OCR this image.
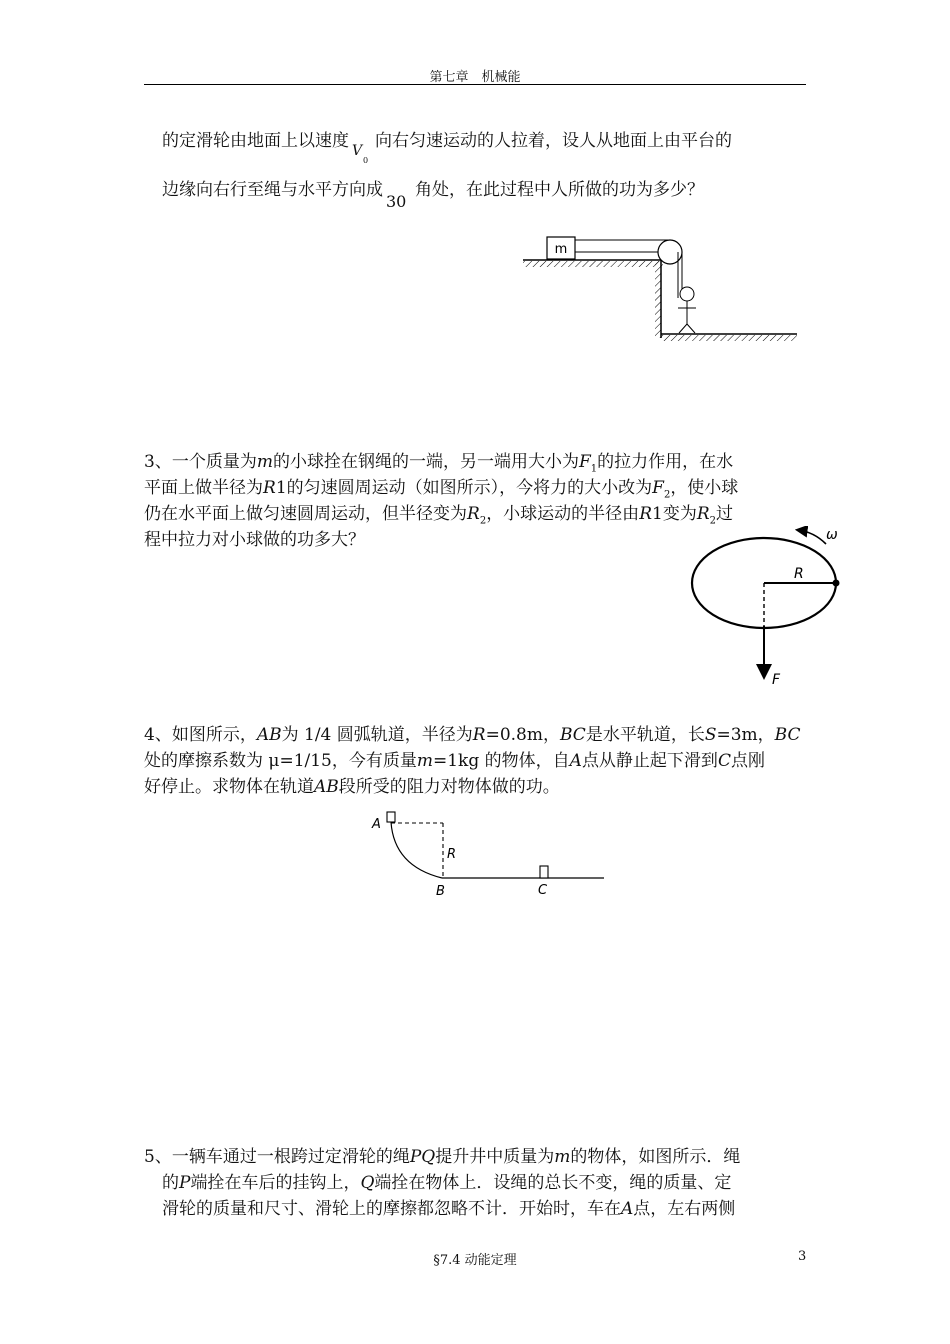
第七章　机械能
的定滑轮由地面上以速度 V
0
向右匀速运动的人拉着，设人从地面上由平台的
边缘向右行至绳与水平方向成
30
角处，在此过程中人所做的功为多少？
m
3、一个质量为m的小球拴在钢绳的一端，另一端用大小为$F_1$的拉力作用，在水
平面上做半径为R1的匀速圆周运动（如图所示），今将力的大小改为$F_2$，使小球
仍在水平面上做匀速圆周运动，但半径变为$R_2$，小球运动的半径由R1变为$R_2$过
程中拉力对小球做的功多大？	ω
R
F
4、如图所示，AB为 1/4 圆弧轨道，半径为R=0.8m，BC是水平轨道，长S=3m，BC
处的摩擦系数为 μ=1/15，今有质量m=1kg 的物体，自A点从静止起下滑到C点刚
好停止。求物体在轨道AB段所受的阻力对物体做的功。
A
R
B	C
5、一辆车通过一根跨过定滑轮的绳PQ提升井中质量为m的物体，如图所示．绳
的P端拴在车后的挂钩上，Q端拴在物体上．设绳的总长不变，绳的质量、定
滑轮的质量和尺寸、滑轮上的摩擦都忽略不计．开始时，车在A点，左右两侧
§7.4 动能定理	3
